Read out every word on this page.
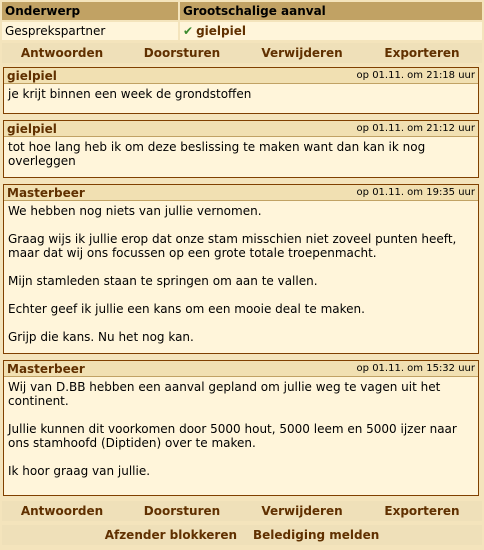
Onderwerp	Grootschalige aanval
Gesprekspartner	✔ gielpiel
Antwoorden	Doorsturen	Verwijderen	Exporteren
gielpiel	op 01.11. om 21:18 uur

je krijt binnen een week de grondstoffen

gielpiel	op 01.11. om 21:12 uur

tot hoe lang heb ik om deze beslissing te maken want dan kan ik nog overleggen

Masterbeer	op 01.11. om 19:35 uur

We hebben nog niets van jullie vernomen.

Graag wijs ik jullie erop dat onze stam misschien niet zoveel punten heeft, maar dat wij ons focussen op een grote totale troepenmacht.

Mijn stamleden staan te springen om aan te vallen.

Echter geef ik jullie een kans om een mooie deal te maken.

Grijp die kans. Nu het nog kan.

Masterbeer	op 01.11. om 15:32 uur

Wij van D.BB hebben een aanval gepland om jullie weg te vagen uit het continent.

Jullie kunnen dit voorkomen door 5000 hout, 5000 leem en 5000 ijzer naar ons stamhoofd (Diptiden) over te maken.

Ik hoor graag van jullie.

Antwoorden	Doorsturen	Verwijderen	Exporteren
Afzender blokkeren Belediging melden
